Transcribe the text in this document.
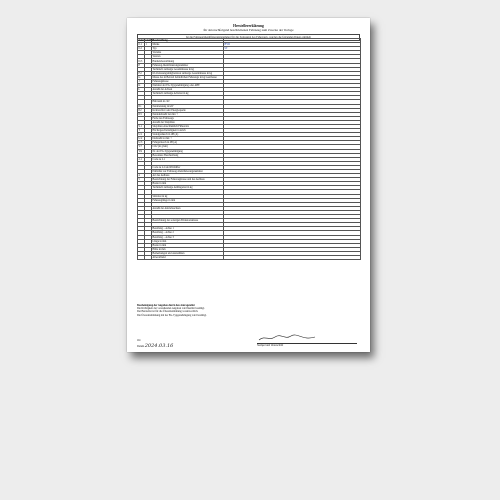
Herstellererklärung
für den nachfolgend beschriebenen Fahrzeug zum Zwecke der Vorlage
Ist die Fahrzeugidentifizierungsnummer für die Zulassung des Fahrzeugs, wurden die folgenden Daten ermittelt
Feld	Lfd.Nr	Beschreibung	
0.1	1	Marke	BYD
0.2		Typ	ST
		Variante	
		Version	
D.3		Handelsbezeichnung	
E		Fahrzeug-Identifizierungsnummer	
		Technisch zulässige Gesamtmasse in kg	
F.2		Im Zulassungsmitgliedstaat zulässige Gesamtmasse in kg	
G		Masse des in Betrieb befindlichen Fahrzeugs in kg Leermasse	
J		Fahrzeugklasse	
K		Nummer der EG-Typgenehmigung oder ABE	
L		Anzahl der Achsen	
		Technisch zulässige Achslast in kg	

		Hubraum in cm³	
P.1		Nennleistung in kW	
P.2		Kraftstoffart oder Energiequelle	
P.3		Nenndrehzahl bei min⁻¹	
		Farbe des Fahrzeugs	
		Anzahl der Sitzplätze	
S.1		Sitzplätze einschließlich Führersitz	
T		Höchstgeschwindigkeit in km/h	
U.1		Standgeräusch in dB (A)	
U.2		Drehzahl in min⁻¹	
U.3		Fahrgeräusch in dB (A)	
V.7		CO2 (in g/km)	
V.9		Nr. der EG-Typgenehmigung	
		Besondere Beschreibung	
2.1		Code zu 2.1	

		Code zu 2.2 und Prüfziffer	
		Prüfziffer zur Fahrzeug-Identifizierungsnummer	
4		Art des Aufbaus	
5		Bezeichnung der Fahrzeugklasse und des Aufbaus	
		Breite in mm	
		Technisch zulässige Anhängelast in kg	

		Stützlast in kg	
		Fahrzeuglänge in mm	

		Anzahl der Antriebsachsen	

		Bezeichnung der sonstigen Emissionsklasse	

		Bereifung – Achse 1	
		Bereifung – Achse 2	
		Bereifung – Achse 3	
		Länge in mm	
		Breite in mm	
		Höhe in mm	
		Bemerkungen und Ausnahmen	
		Abweichend	
Bescheinigung der Angaben durch den Antragsteller
Die Richtigkeit der vorstehenden Angaben wird hiermit bestätigt.
Der Hersteller ist für die Übereinstimmung verantwortlich.
Die Übereinstimmung mit der EG-Typgenehmigung wird bestätigt.
Ort
Datum 2024.03.16	Stempel und Unterschrift
